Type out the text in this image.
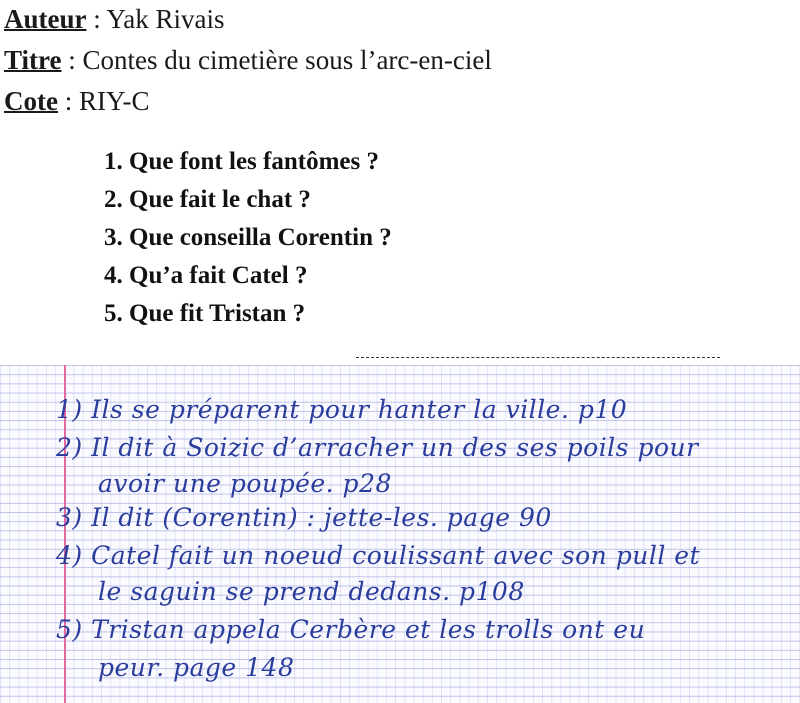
Auteur : Yak Rivais
Titre : Contes du cimetière sous l’arc-en-ciel
Cote : RIY-C
1. Que font les fantômes ?
2. Que fait le chat ?
3. Que conseilla Corentin ?
4. Qu’a fait Catel ?
5. Que fit Tristan ?
1) Ils se préparent pour hanter la ville. p10
2) Il dit à Soizic d’arracher un des ses poils pour
avoir une poupée. p28
3) Il dit (Corentin) : jette-les. page 90
4) Catel fait un noeud coulissant avec son pull et
le saguin se prend dedans. p108
5) Tristan appela Cerbère et les trolls ont eu
peur. page 148
